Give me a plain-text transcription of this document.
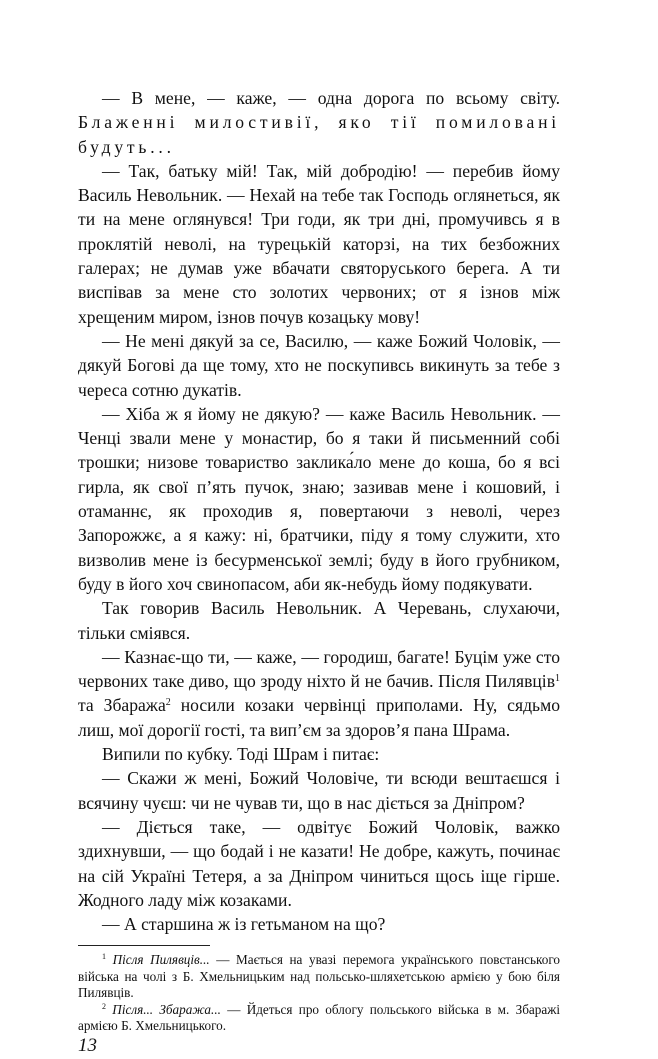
— В мене, — каже, — одна дорога по всьому світу. Блаженні милостивії, яко тії помиловані будуть...

— Так, батьку мій! Так, мій добродію! — перебив йому Василь Невольник. — Нехай на тебе так Господь оглянеться, як ти на мене оглянувся! Три годи, як три дні, промучивсь я в проклятій неволі, на турецькій каторзі, на тих безбожних галерах; не думав уже вбачати святоруського берега. А ти виспівав за мене сто золотих червоних; от я ізнов між хрещеним миром, ізнов почув козацьку мову!

— Не мені дякуй за се, Василю, — каже Божий Чоловік, — дякуй Богові да ще тому, хто не поскупивсь викинуть за тебе з череса сотню дукатів.

— Хіба ж я йому не дякую? — каже Василь Невольник. — Ченці звали мене у монастир, бо я таки й письменний собі трошки; низове товариство заклика́ло мене до коша, бо я всі гирла, як свої п’ять пучок, знаю; зазивав мене і кошовий, і отаманнє, як проходив я, повертаючи з неволі, через Запорожжє, а я кажу: ні, братчики, піду я тому служити, хто визволив мене із бесурменської землі; буду в його грубником, буду в його хоч свинопасом, аби як-небудь йому подякувати.

Так говорив Василь Невольник. А Черевань, слухаючи, тільки сміявся.

— Казнає-що ти, — каже, — городиш, багате! Буцім уже сто червоних таке диво, що зроду ніхто й не бачив. Після Пилявців$^1$ та Збаража$^2$ носили козаки червінці приполами. Ну, сядьмо лиш, мої дорогії гості, та вип’єм за здоров’я пана Шрама.

Випили по кубку. Тоді Шрам і питає:

— Скажи ж мені, Божий Чоловіче, ти всюди вештаєшся і всячину чуєш: чи не чував ти, що в нас діється за Дніпром?

— Діється таке, — одвітує Божий Чоловік, важко здихнувши, — що бодай і не казати! Не добре, кажуть, починає на сій Україні Тетеря, а за Дніпром чиниться щось іще гірше. Жодного ладу між козаками.

— А старшина ж із гетьманом на що?

$^1$ Після Пилявців... — Мається на увазі перемога українського повстанського війська на чолі з Б. Хмельницьким над польсько-шляхетською армією у бою біля Пилявців.

$^2$ Після... Збаража... — Йдеться про облогу польського війська в м. Збаражі армією Б. Хмельницького.

13
